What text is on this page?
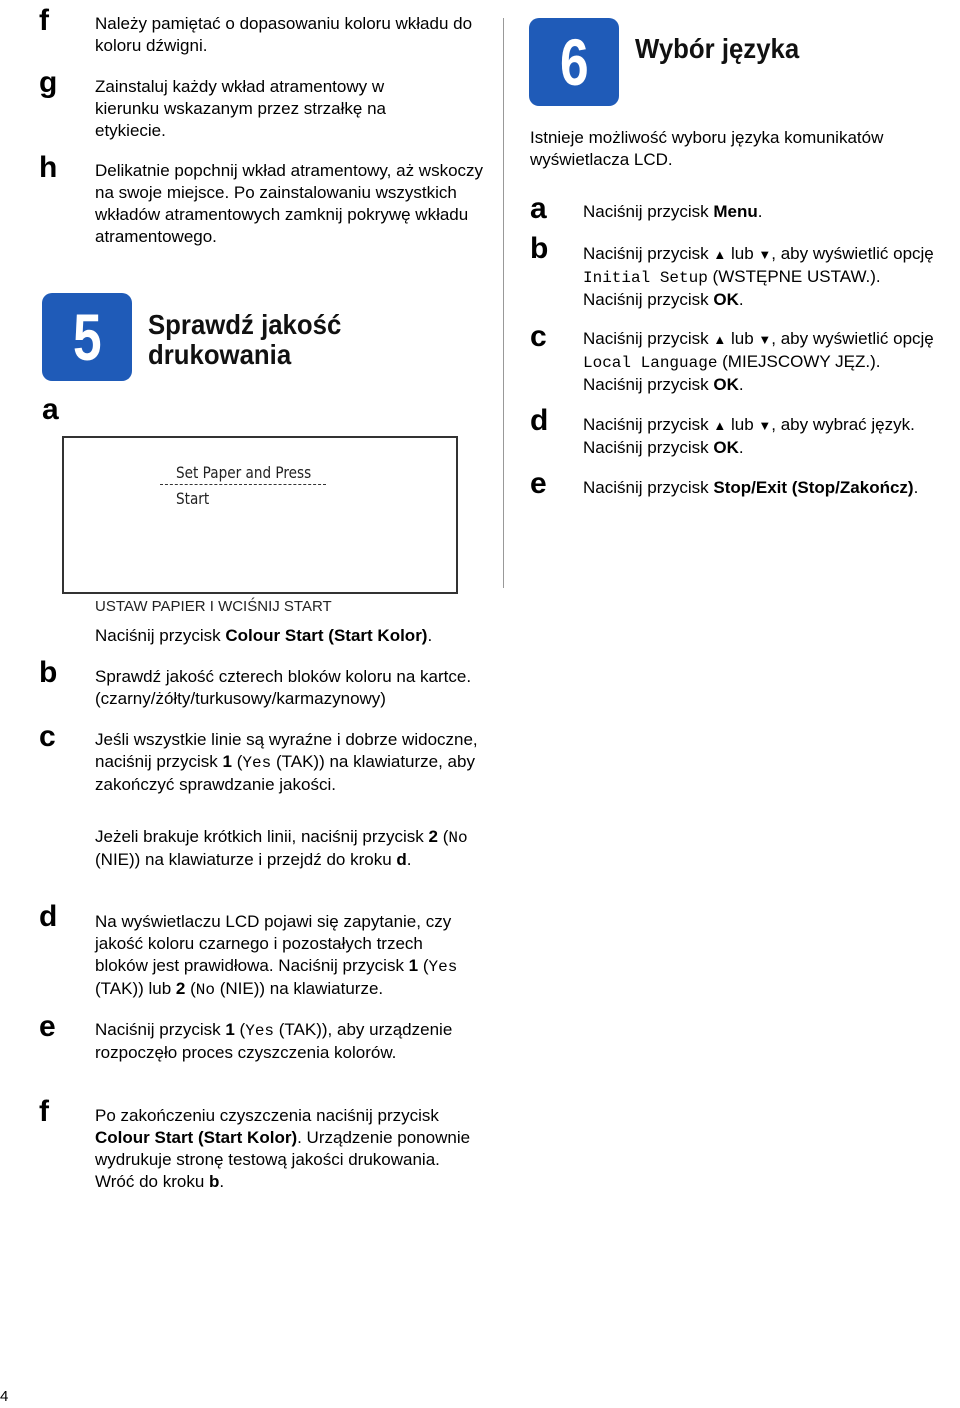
f	Należy pamiętać o dopasowaniu koloru wkładu do koloru dźwigni.
g Zainstaluj każdy wkład atramentowy w kierunku wskazanym przez strzałkę na etykiecie.
h Delikatnie popchnij wkład atramentowy, aż wskoczy na swoje miejsce. Po zainstalowaniu wszystkich wkładów atramentowych zamknij pokrywę wkładu atramentowego.
5 Sprawdź jakość
drukowania
a
Set Paper and Press
Start
USTAW PAPIER I WCIŚNIJ START
Naciśnij przycisk Colour Start (Start Kolor).
b Sprawdź jakość czterech bloków koloru na kartce. (czarny/żółty/turkusowy/karmazynowy)
c Jeśli wszystkie linie są wyraźne i dobrze widoczne, naciśnij przycisk 1 (Yes (TAK)) na klawiaturze, aby zakończyć sprawdzanie jakości.
Jeżeli brakuje krótkich linii, naciśnij przycisk 2 (No (NIE)) na klawiaturze i przejdź do kroku d.
d Na wyświetlaczu LCD pojawi się zapytanie, czy jakość koloru czarnego i pozostałych trzech bloków jest prawidłowa. Naciśnij przycisk 1 (Yes (TAK)) lub 2 (No (NIE)) na klawiaturze.
e Naciśnij przycisk 1 (Yes (TAK)), aby urządzenie rozpoczęło proces czyszczenia kolorów.
f	Po zakończeniu czyszczenia naciśnij przycisk Colour Start (Start Kolor). Urządzenie ponownie wydrukuje stronę testową jakości drukowania. Wróć do kroku b.
6 Wybór języka
Istnieje możliwość wyboru języka komunikatów wyświetlacza LCD.
a Naciśnij przycisk Menu.
b Naciśnij przycisk ▲ lub ▼, aby wyświetlić opcję
Initial Setup (WSTĘPNE USTAW.).
Naciśnij przycisk OK.
c Naciśnij przycisk ▲ lub ▼, aby wyświetlić opcję
Local Language (MIEJSCOWY JĘZ.).
Naciśnij przycisk OK.
d Naciśnij przycisk ▲ lub ▼, aby wybrać język.
Naciśnij przycisk OK.
e Naciśnij przycisk Stop/Exit (Stop/Zakończ).
4
